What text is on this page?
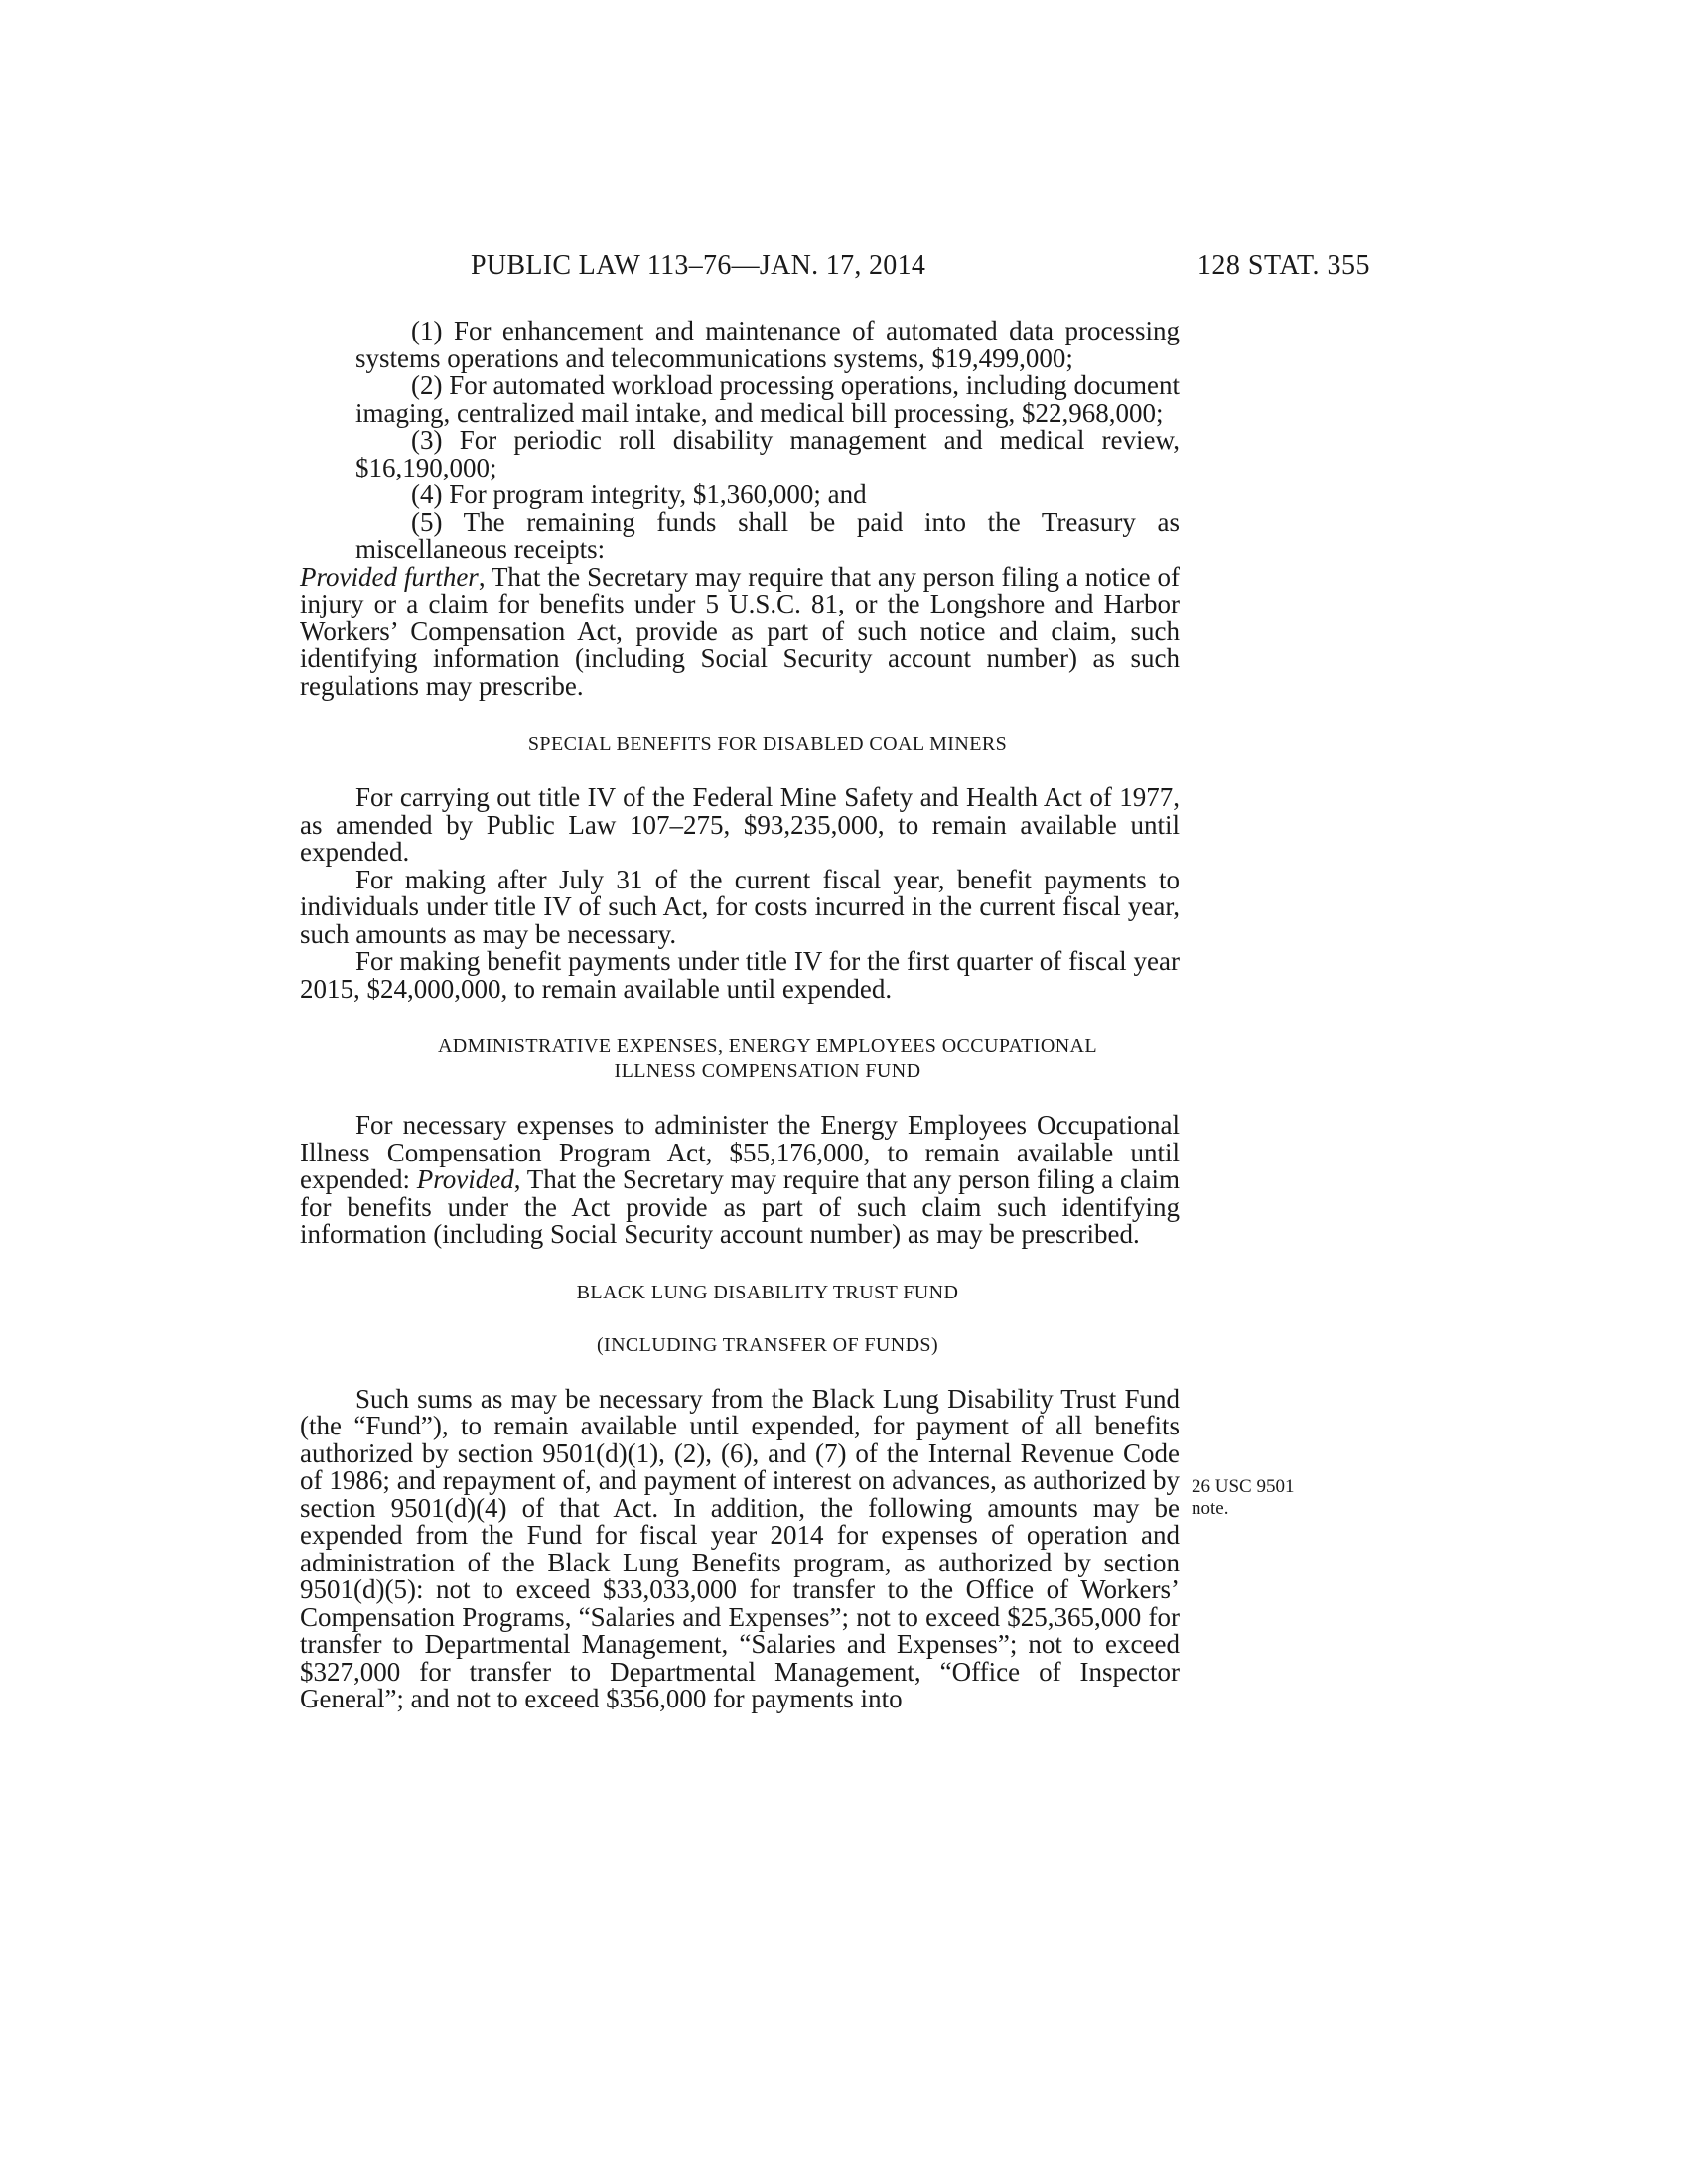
PUBLIC LAW 113–76—JAN. 17, 2014	128 STAT. 355

(1) For enhancement and maintenance of automated data processing systems operations and telecommunications systems, $19,499,000;

(2) For automated workload processing operations, including document imaging, centralized mail intake, and medical bill processing, $22,968,000;

(3) For periodic roll disability management and medical review, $16,190,000;

(4) For program integrity, $1,360,000; and

(5) The remaining funds shall be paid into the Treasury as miscellaneous receipts:

Provided further, That the Secretary may require that any person filing a notice of injury or a claim for benefits under 5 U.S.C. 81, or the Longshore and Harbor Workers’ Compensation Act, provide as part of such notice and claim, such identifying information (including Social Security account number) as such regulations may prescribe.

SPECIAL BENEFITS FOR DISABLED COAL MINERS

For carrying out title IV of the Federal Mine Safety and Health Act of 1977, as amended by Public Law 107–275, $93,235,000, to remain available until expended.

For making after July 31 of the current fiscal year, benefit payments to individuals under title IV of such Act, for costs incurred in the current fiscal year, such amounts as may be necessary.

For making benefit payments under title IV for the first quarter of fiscal year 2015, $24,000,000, to remain available until expended.

ADMINISTRATIVE EXPENSES, ENERGY EMPLOYEES OCCUPATIONAL

ILLNESS COMPENSATION FUND

For necessary expenses to administer the Energy Employees Occupational Illness Compensation Program Act, $55,176,000, to remain available until expended: Provided, That the Secretary may require that any person filing a claim for benefits under the Act provide as part of such claim such identifying information (including Social Security account number) as may be prescribed.

BLACK LUNG DISABILITY TRUST FUND

(INCLUDING TRANSFER OF FUNDS)

Such sums as may be necessary from the Black Lung Disability Trust Fund (the “Fund”), to remain available until expended, for payment of all benefits authorized by section 9501(d)(1), (2), (6), and (7) of the Internal Revenue Code of 1986; and repayment of, and payment of interest on advances, as authorized by section 9501(d)(4) of that Act. In addition, the following amounts may be expended from the Fund for fiscal year 2014 for expenses of operation and administration of the Black Lung Benefits program, as authorized by section 9501(d)(5): not to exceed $33,033,000 for transfer to the Office of Workers’ Compensation Programs, “Salaries and Expenses”; not to exceed $25,365,000 for transfer to Departmental Management, “Salaries and Expenses”; not to exceed $327,000 for transfer to Departmental Management, “Office of Inspector General”; and not to exceed $356,000 for payments into

26 USC 9501
note.
